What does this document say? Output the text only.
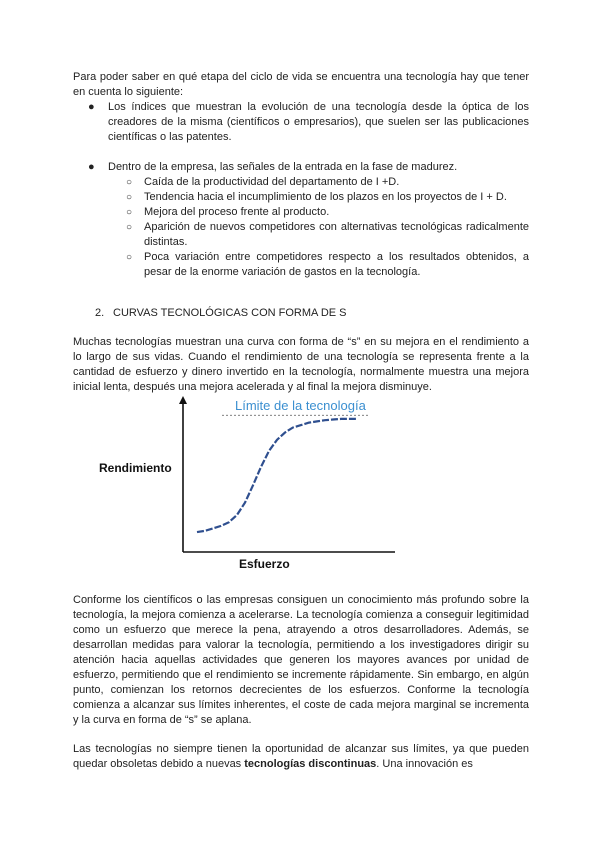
Para poder saber en qué etapa del ciclo de vida se encuentra una tecnología hay que tener en cuenta lo siguiente:

● Los índices que muestran la evolución de una tecnología desde la óptica de los creadores de la misma (científicos o empresarios), que suelen ser las publicaciones científicas o las patentes.
● Dentro de la empresa, las señales de la entrada en la fase de madurez.
○ Caída de la productividad del departamento de I +D.
○ Tendencia hacia el incumplimiento de los plazos en los proyectos de I + D.
○ Mejora del proceso frente al producto.
○ Aparición de nuevos competidores con alternativas tecnológicas radicalmente distintas.
○ Poca variación entre competidores respecto a los resultados obtenidos, a pesar de la enorme variación de gastos en la tecnología.
2. CURVAS TECNOLÓGICAS CON FORMA DE S

Muchas tecnologías muestran una curva con forma de “s” en su mejora en el rendimiento a lo largo de sus vidas. Cuando el rendimiento de una tecnología se representa frente a la cantidad de esfuerzo y dinero invertido en la tecnología, normalmente muestra una mejora inicial lenta, después una mejora acelerada y al final la mejora disminuye.

Límite de la tecnología
Rendimiento
Esfuerzo

Conforme los científicos o las empresas consiguen un conocimiento más profundo sobre la tecnología, la mejora comienza a acelerarse. La tecnología comienza a conseguir legitimidad como un esfuerzo que merece la pena, atrayendo a otros desarrolladores. Además, se desarrollan medidas para valorar la tecnología, permitiendo a los investigadores dirigir su atención hacia aquellas actividades que generen los mayores avances por unidad de esfuerzo, permitiendo que el rendimiento se incremente rápidamente. Sin embargo, en algún punto, comienzan los retornos decrecientes de los esfuerzos. Conforme la tecnología comienza a alcanzar sus límites inherentes, el coste de cada mejora marginal se incrementa y la curva en forma de “s” se aplana.

Las tecnologías no siempre tienen la oportunidad de alcanzar sus límites, ya que pueden quedar obsoletas debido a nuevas tecnologías discontinuas. Una innovación es
